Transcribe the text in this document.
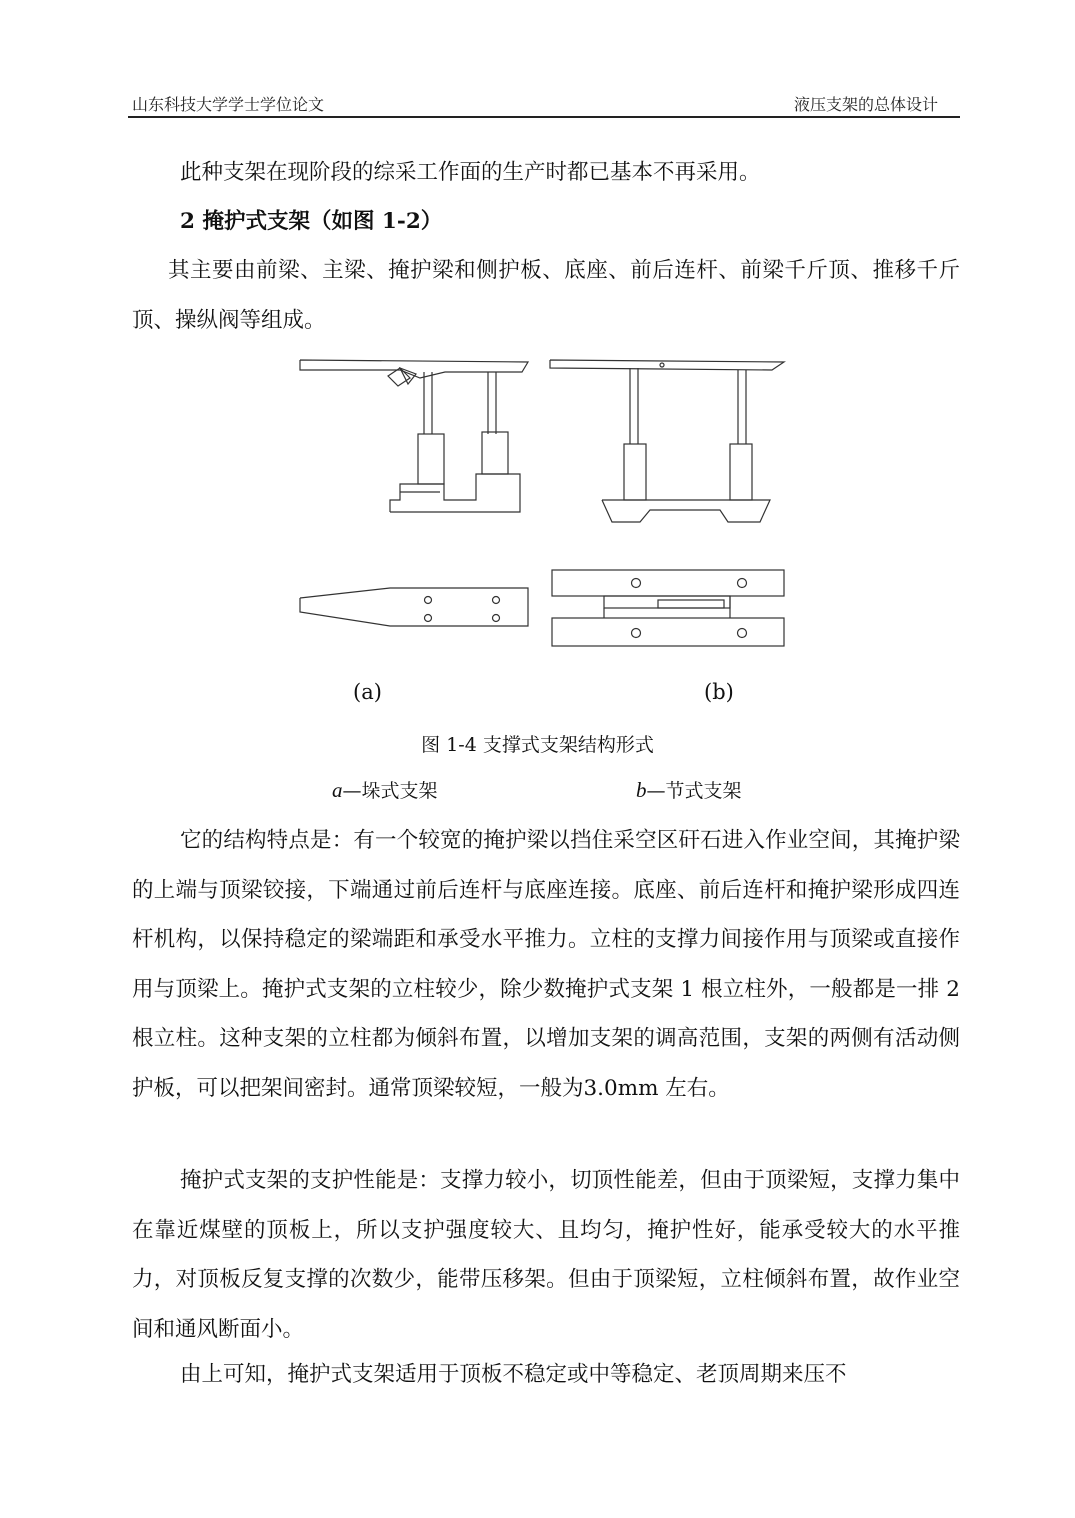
山东科技大学学士学位论文	液压支架的总体设计

此种支架在现阶段的综采工作面的生产时都已基本不再采用。

2 掩护式支架（如图 1-2）

其主要由前梁、主梁、掩护梁和侧护板、底座、前后连杆、前梁千斤顶、推移千斤顶、操纵阀等组成。

(a)	(b)
图 1-4 支撑式支架结构形式
a—垛式支架	b—节式支架

它的结构特点是：有一个较宽的掩护梁以挡住采空区矸石进入作业空间，其掩护梁的上端与顶梁铰接，下端通过前后连杆与底座连接。底座、前后连杆和掩护梁形成四连杆机构，以保持稳定的梁端距和承受水平推力。立柱的支撑力间接作用与顶梁或直接作用与顶梁上。掩护式支架的立柱较少，除少数掩护式支架 1 根立柱外，一般都是一排 2 根立柱。这种支架的立柱都为倾斜布置，以增加支架的调高范围，支架的两侧有活动侧护板，可以把架间密封。通常顶梁较短，一般为3.0mm 左右。

掩护式支架的支护性能是：支撑力较小，切顶性能差，但由于顶梁短，支撑力集中在靠近煤壁的顶板上，所以支护强度较大、且均匀，掩护性好，能承受较大的水平推力，对顶板反复支撑的次数少，能带压移架。但由于顶梁短，立柱倾斜布置，故作业空间和通风断面小。

由上可知，掩护式支架适用于顶板不稳定或中等稳定、老顶周期来压不
